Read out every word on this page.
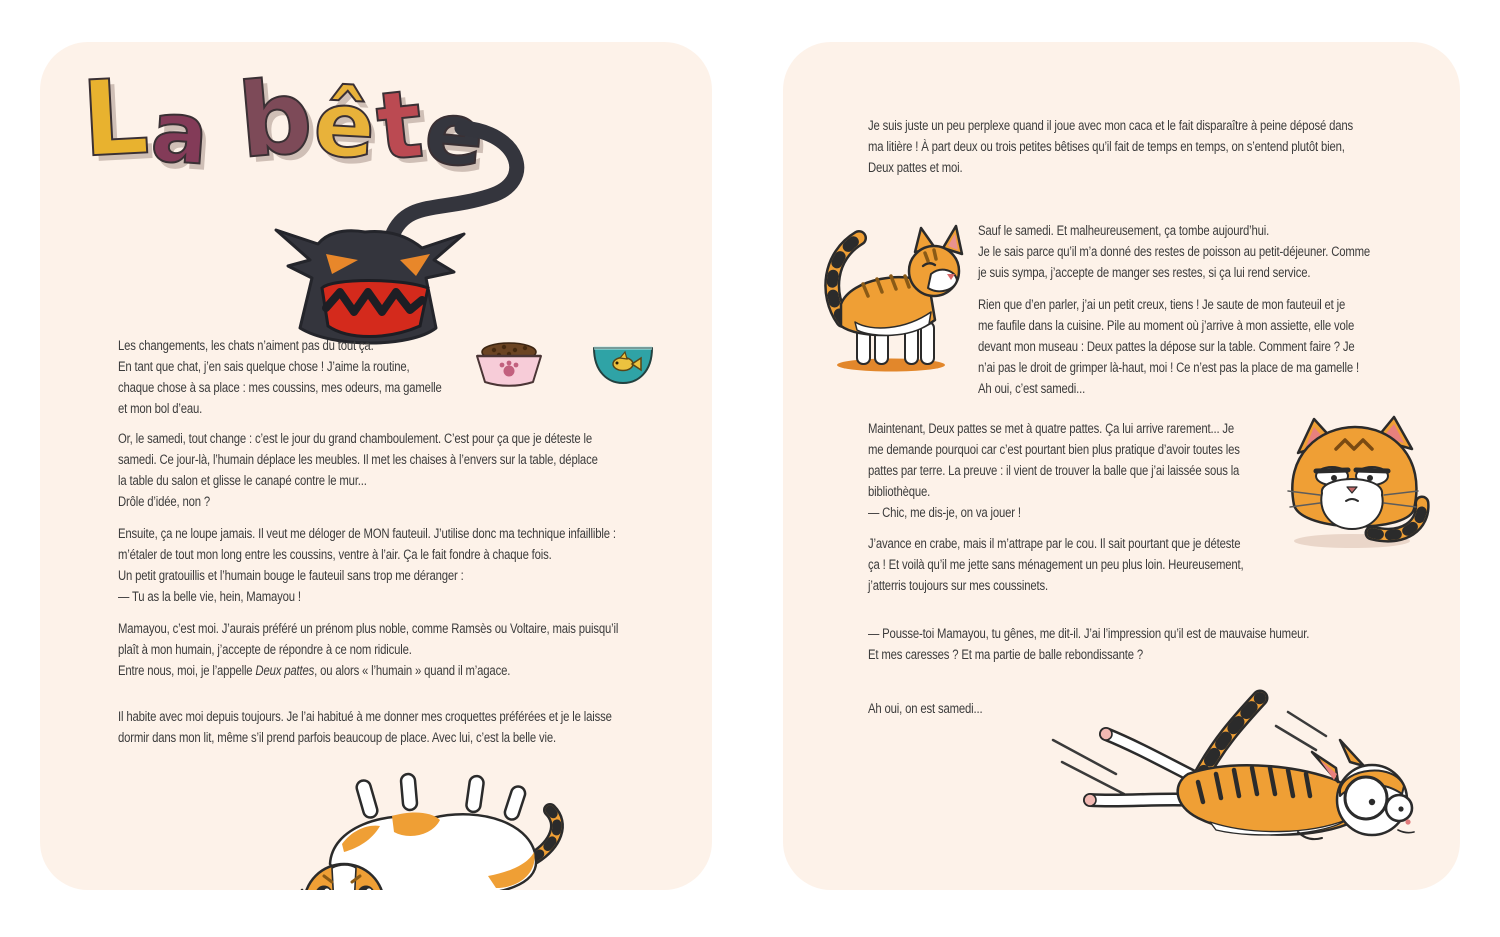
La bête
Les changements, les chats n’aiment pas du tout ça.
En tant que chat, j’en sais quelque chose ! J’aime la routine,
chaque chose à sa place : mes coussins, mes odeurs, ma gamelle
et mon bol d’eau.
Or, le samedi, tout change : c’est le jour du grand chamboulement. C’est pour ça que je déteste le
samedi. Ce jour-là, l’humain déplace les meubles. Il met les chaises à l’envers sur la table, déplace
la table du salon et glisse le canapé contre le mur...
Drôle d’idée, non ?
Ensuite, ça ne loupe jamais. Il veut me déloger de MON fauteuil. J’utilise donc ma technique infaillible :
m’étaler de tout mon long entre les coussins, ventre à l’air. Ça le fait fondre à chaque fois.
Un petit gratouillis et l’humain bouge le fauteuil sans trop me déranger :
— Tu as la belle vie, hein, Mamayou !
Mamayou, c’est moi. J’aurais préféré un prénom plus noble, comme Ramsès ou Voltaire, mais puisqu’il
plaît à mon humain, j’accepte de répondre à ce nom ridicule.
Entre nous, moi, je l’appelle Deux pattes, ou alors « l’humain » quand il m’agace.
Il habite avec moi depuis toujours. Je l’ai habitué à me donner mes croquettes préférées et je le laisse
dormir dans mon lit, même s’il prend parfois beaucoup de place. Avec lui, c’est la belle vie.
Je suis juste un peu perplexe quand il joue avec mon caca et le fait disparaître à peine déposé dans
ma litière ! À part deux ou trois petites bêtises qu’il fait de temps en temps, on s’entend plutôt bien,
Deux pattes et moi.
Sauf le samedi. Et malheureusement, ça tombe aujourd’hui.
Je le sais parce qu’il m’a donné des restes de poisson au petit-déjeuner. Comme
je suis sympa, j’accepte de manger ses restes, si ça lui rend service.
Rien que d’en parler, j’ai un petit creux, tiens ! Je saute de mon fauteuil et je
me faufile dans la cuisine. Pile au moment où j’arrive à mon assiette, elle vole
devant mon museau : Deux pattes la dépose sur la table. Comment faire ? Je
n’ai pas le droit de grimper là-haut, moi ! Ce n’est pas la place de ma gamelle !
Ah oui, c’est samedi...
Maintenant, Deux pattes se met à quatre pattes. Ça lui arrive rarement... Je
me demande pourquoi car c’est pourtant bien plus pratique d’avoir toutes les
pattes par terre. La preuve : il vient de trouver la balle que j’ai laissée sous la
bibliothèque.
— Chic, me dis-je, on va jouer !
J’avance en crabe, mais il m’attrape par le cou. Il sait pourtant que je déteste
ça ! Et voilà qu’il me jette sans ménagement un peu plus loin. Heureusement,
j’atterris toujours sur mes coussinets.
— Pousse-toi Mamayou, tu gênes, me dit-il. J’ai l’impression qu’il est de mauvaise humeur.
Et mes caresses ? Et ma partie de balle rebondissante ?
Ah oui, on est samedi...
